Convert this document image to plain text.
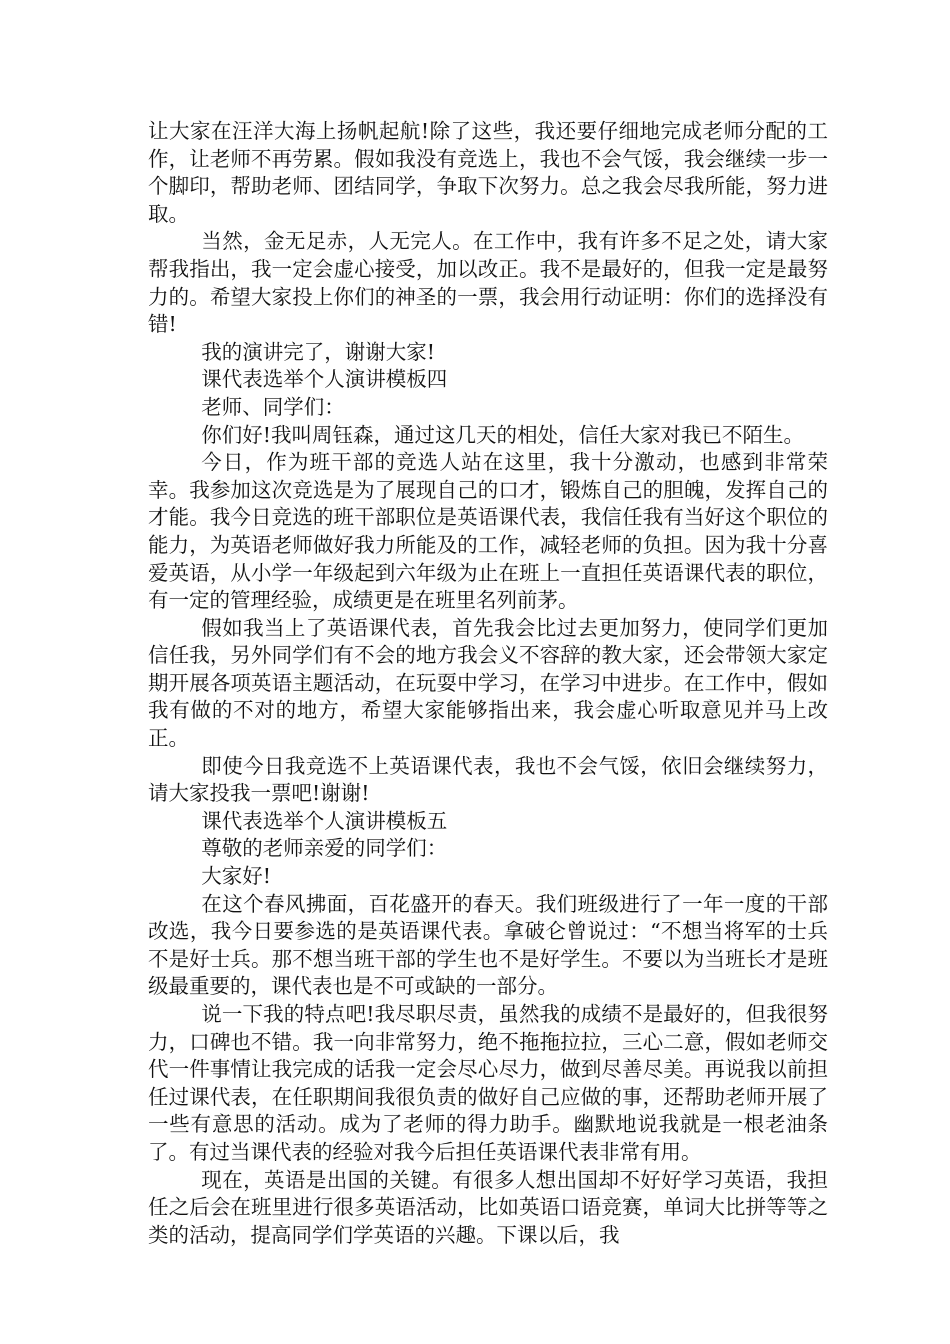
让大家在汪洋大海上扬帆起航!除了这些，我还要仔细地完成老师分配的工作，让老师不再劳累。假如我没有竞选上，我也不会气馁，我会继续一步一个脚印，帮助老师、团结同学，争取下次努力。总之我会尽我所能，努力进取。

当然，金无足赤，人无完人。在工作中，我有许多不足之处，请大家帮我指出，我一定会虚心接受，加以改正。我不是最好的，但我一定是最努力的。希望大家投上你们的神圣的一票，我会用行动证明：你们的选择没有错!

我的演讲完了，谢谢大家!

课代表选举个人演讲模板四

老师、同学们：

你们好!我叫周钰森，通过这几天的相处，信任大家对我已不陌生。

今日，作为班干部的竞选人站在这里，我十分激动，也感到非常荣幸。我参加这次竞选是为了展现自己的口才，锻炼自己的胆魄，发挥自己的才能。我今日竞选的班干部职位是英语课代表，我信任我有当好这个职位的能力，为英语老师做好我力所能及的工作，减轻老师的负担。因为我十分喜爱英语，从小学一年级起到六年级为止在班上一直担任英语课代表的职位，有一定的管理经验，成绩更是在班里名列前茅。

假如我当上了英语课代表，首先我会比过去更加努力，使同学们更加信任我，另外同学们有不会的地方我会义不容辞的教大家，还会带领大家定期开展各项英语主题活动，在玩耍中学习，在学习中进步。在工作中，假如我有做的不对的地方，希望大家能够指出来，我会虚心听取意见并马上改正。

即使今日我竞选不上英语课代表，我也不会气馁，依旧会继续努力，请大家投我一票吧!谢谢!

课代表选举个人演讲模板五

尊敬的老师亲爱的同学们：

大家好!

在这个春风拂面，百花盛开的春天。我们班级进行了一年一度的干部改选，我今日要参选的是英语课代表。拿破仑曾说过：“不想当将军的士兵不是好士兵。那不想当班干部的学生也不是好学生。不要以为当班长才是班级最重要的，课代表也是不可或缺的一部分。

说一下我的特点吧!我尽职尽责，虽然我的成绩不是最好的，但我很努力，口碑也不错。我一向非常努力，绝不拖拖拉拉，三心二意，假如老师交代一件事情让我完成的话我一定会尽心尽力，做到尽善尽美。再说我以前担任过课代表，在任职期间我很负责的做好自己应做的事，还帮助老师开展了一些有意思的活动。成为了老师的得力助手。幽默地说我就是一根老油条了。有过当课代表的经验对我今后担任英语课代表非常有用。

现在，英语是出国的关键。有很多人想出国却不好好学习英语，我担任之后会在班里进行很多英语活动，比如英语口语竞赛，单词大比拼等等之类的活动，提高同学们学英语的兴趣。下课以后，我
